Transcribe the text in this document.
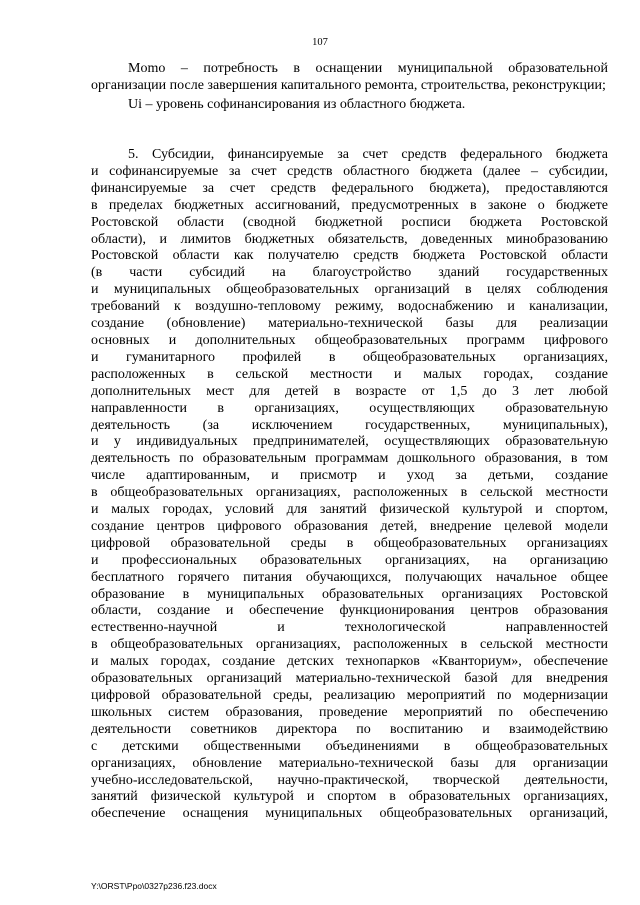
107

Momo – потребность в оснащении муниципальной образовательной организации после завершения капитального ремонта, строительства, реконструкции;

Ui – уровень софинансирования из областного бюджета.

5. Субсидии, финансируемые за счет средств федерального бюджета
и софинансируемые за счет средств областного бюджета (далее – субсидии,
финансируемые за счет средств федерального бюджета), предоставляются
в пределах бюджетных ассигнований, предусмотренных в законе о бюджете
Ростовской области (сводной бюджетной росписи бюджета Ростовской
области), и лимитов бюджетных обязательств, доведенных минобразованию
Ростовской области как получателю средств бюджета Ростовской области
(в части субсидий на благоустройство зданий государственных
и муниципальных общеобразовательных организаций в целях соблюдения
требований к воздушно-тепловому режиму, водоснабжению и канализации,
создание (обновление) материально-технической базы для реализации
основных и дополнительных общеобразовательных программ цифрового
и гуманитарного профилей в общеобразовательных организациях,
расположенных в сельской местности и малых городах, создание
дополнительных мест для детей в возрасте от 1,5 до 3 лет любой
направленности в организациях, осуществляющих образовательную
деятельность (за исключением государственных, муниципальных),
и у индивидуальных предпринимателей, осуществляющих образовательную
деятельность по образовательным программам дошкольного образования, в том
числе адаптированным, и присмотр и уход за детьми, создание
в общеобразовательных организациях, расположенных в сельской местности
и малых городах, условий для занятий физической культурой и спортом,
создание центров цифрового образования детей, внедрение целевой модели
цифровой образовательной среды в общеобразовательных организациях
и профессиональных образовательных организациях, на организацию
бесплатного горячего питания обучающихся, получающих начальное общее
образование в муниципальных образовательных организациях Ростовской
области, создание и обеспечение функционирования центров образования
естественно-научной и технологической направленностей
в общеобразовательных организациях, расположенных в сельской местности
и малых городах, создание детских технопарков «Кванториум», обеспечение
образовательных организаций материально-технической базой для внедрения
цифровой образовательной среды, реализацию мероприятий по модернизации
школьных систем образования, проведение мероприятий по обеспечению
деятельности советников директора по воспитанию и взаимодействию
с детскими общественными объединениями в общеобразовательных
организациях, обновление материально-технической базы для организации
учебно-исследовательской, научно-практической, творческой деятельности,
занятий физической культурой и спортом в образовательных организациях,
обеспечение оснащения муниципальных общеобразовательных организаций,
Y:\ORST\Ppo\0327p236.f23.docx
